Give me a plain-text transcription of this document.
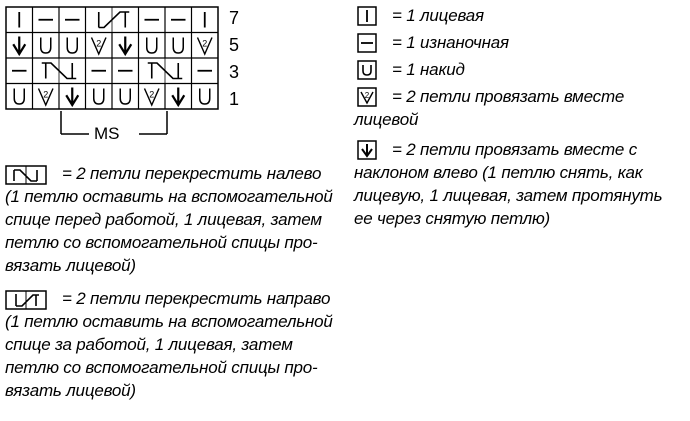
2	2
2	2
MS
7
5
3
1
= 1 лицевая
= 1 изнаночная
= 1 накид
2 = 2 петли провязать вместе
лицевой
= 2 петли провязать вместе с
наклоном влево (1 петлю снять, как
лицевую, 1 лицевая, затем протянуть
ее через снятую петлю)
= 2 петли перекрестить налево
(1 петлю оставить на вспомогательной
спице перед работой, 1 лицевая, затем
петлю со вспомогательной спицы про-
вязать лицевой)
= 2 петли перекрестить направо
(1 петлю оставить на вспомогательной
спице за работой, 1 лицевая, затем
петлю со вспомогательной спицы про-
вязать лицевой)
